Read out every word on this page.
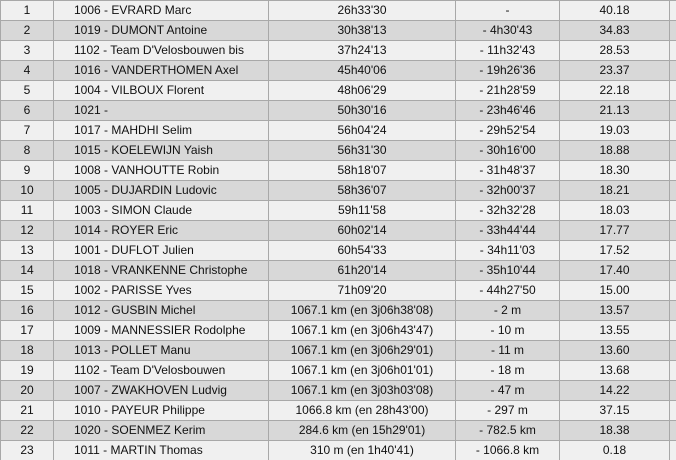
1	1006 - EVRARD Marc	26h33'30	-	40.18	
2	1019 - DUMONT Antoine	30h38'13	- 4h30'43	34.83	
3	1102 - Team D'Velosbouwen bis	37h24'13	- 11h32'43	28.53	
4	1016 - VANDERTHOMEN Axel	45h40'06	- 19h26'36	23.37	
5	1004 - VILBOUX Florent	48h06'29	- 21h28'59	22.18	
6	1021 -	50h30'16	- 23h46'46	21.13	
7	1017 - MAHDHI Selim	56h04'24	- 29h52'54	19.03	
8	1015 - KOELEWIJN Yaish	56h31'30	- 30h16'00	18.88	
9	1008 - VANHOUTTE Robin	58h18'07	- 31h48'37	18.30	
10	1005 - DUJARDIN Ludovic	58h36'07	- 32h00'37	18.21	
11	1003 - SIMON Claude	59h11'58	- 32h32'28	18.03	
12	1014 - ROYER Eric	60h02'14	- 33h44'44	17.77	
13	1001 - DUFLOT Julien	60h54'33	- 34h11'03	17.52	
14	1018 - VRANKENNE Christophe	61h20'14	- 35h10'44	17.40	
15	1002 - PARISSE Yves	71h09'20	- 44h27'50	15.00	
16	1012 - GUSBIN Michel	1067.1 km (en 3j06h38'08)	- 2 m	13.57	
17	1009 - MANNESSIER Rodolphe	1067.1 km (en 3j06h43'47)	- 10 m	13.55	
18	1013 - POLLET Manu	1067.1 km (en 3j06h29'01)	- 11 m	13.60	
19	1102 - Team D'Velosbouwen	1067.1 km (en 3j06h01'01)	- 18 m	13.68	
20	1007 - ZWAKHOVEN Ludvig	1067.1 km (en 3j03h03'08)	- 47 m	14.22	
21	1010 - PAYEUR Philippe	1066.8 km (en 28h43'00)	- 297 m	37.15	
22	1020 - SOENMEZ Kerim	284.6 km (en 15h29'01)	- 782.5 km	18.38	
23	1011 - MARTIN Thomas	310 m (en 1h40'41)	- 1066.8 km	0.18	
